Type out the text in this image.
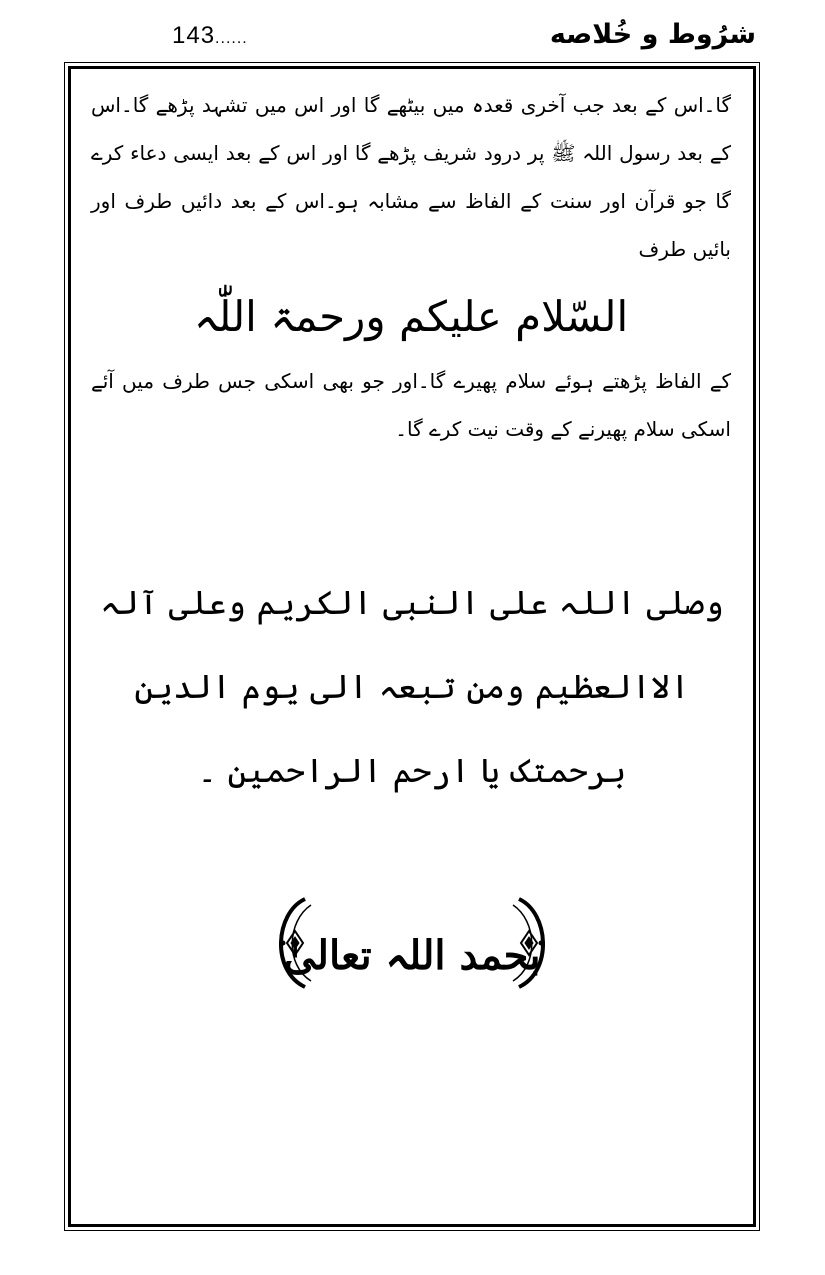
143......	شرُوط و خُلاصه

گا۔اس کے بعد جب آخری قعدہ میں بیٹھے گا اور اس میں تشہد پڑھے گا۔اس کے بعد رسول اللہ ﷺ پر درود شریف پڑھے گا اور اس کے بعد ایسی دعاء کرے گا جو قرآن اور سنت کے الفاظ سے مشابہ ہو۔اس کے بعد دائیں طرف اور بائیں طرف

السّلام علیکم ورحمۃ اللّٰہ

کے الفاظ پڑھتے ہوئے سلام پھیرے گا۔اور جو بھی اسکی جس طرف میں آئے اسکی سلام پھیرنے کے وقت نیت کرے گا۔

وصلی اللہ علی النبی الکریم وعلی آلہ الاالعظیم ومن تبعہ الی یوم الدین برحمتک یا ارحم الراحمین ۔

بحمد اللہ تعالیٰ
